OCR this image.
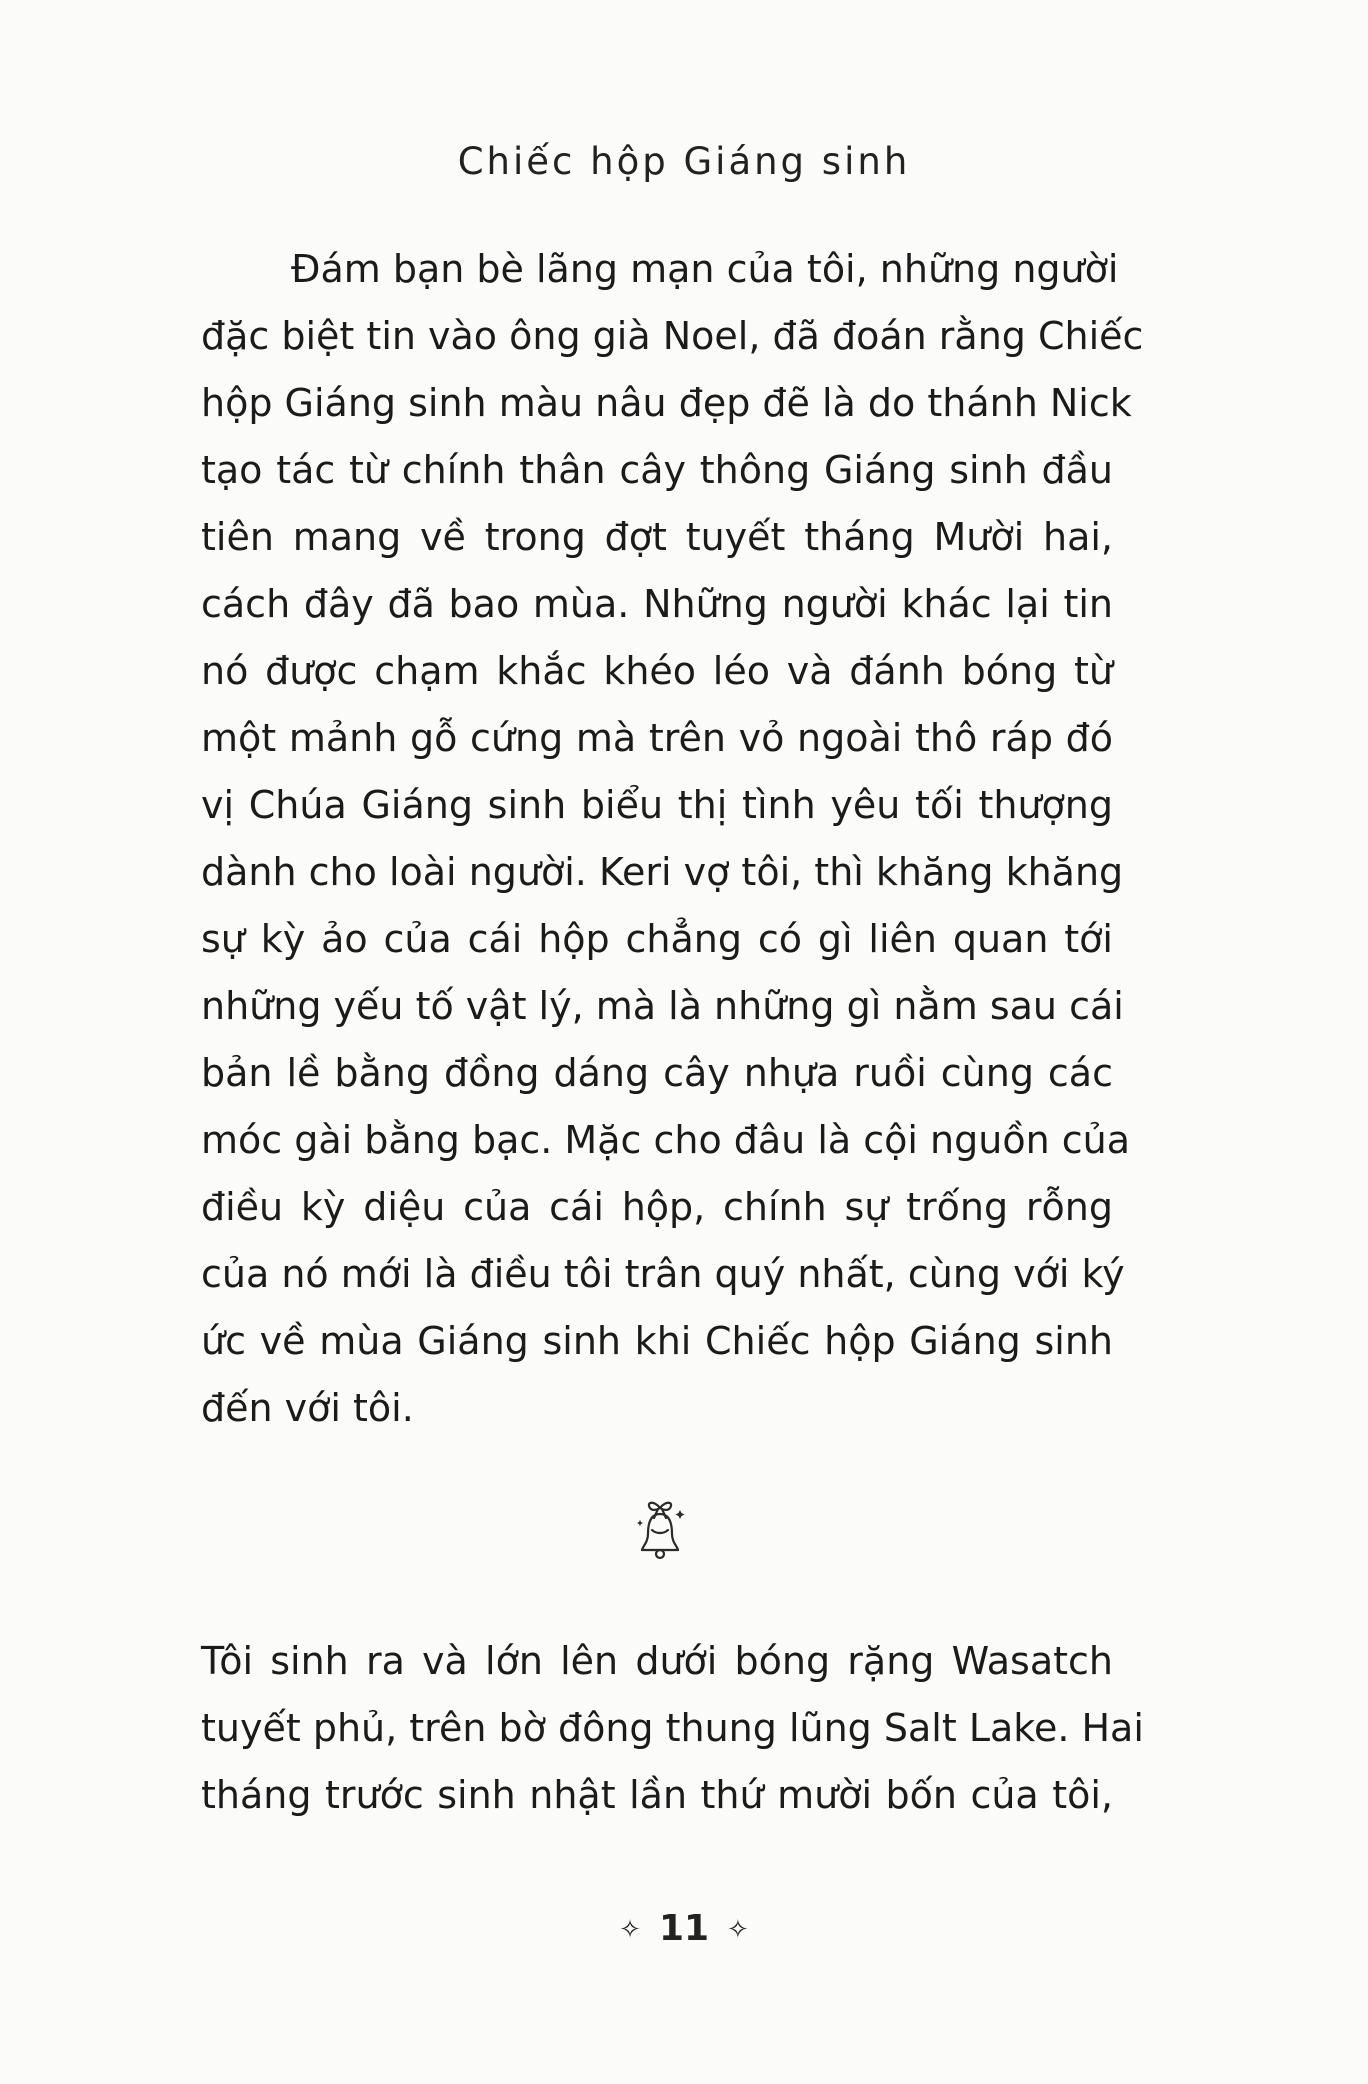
Chiếc hộp Giáng sinh
Đám bạn bè lãng mạn của tôi, những người
đặc biệt tin vào ông già Noel, đã đoán rằng Chiếc
hộp Giáng sinh màu nâu đẹp đẽ là do thánh Nick
tạo tác từ chính thân cây thông Giáng sinh đầu
tiên mang về trong đợt tuyết tháng Mười hai,
cách đây đã bao mùa. Những người khác lại tin
nó được chạm khắc khéo léo và đánh bóng từ
một mảnh gỗ cứng mà trên vỏ ngoài thô ráp đó
vị Chúa Giáng sinh biểu thị tình yêu tối thượng
dành cho loài người. Keri vợ tôi, thì khăng khăng
sự kỳ ảo của cái hộp chẳng có gì liên quan tới
những yếu tố vật lý, mà là những gì nằm sau cái
bản lề bằng đồng dáng cây nhựa ruồi cùng các
móc gài bằng bạc. Mặc cho đâu là cội nguồn của
điều kỳ diệu của cái hộp, chính sự trống rỗng
của nó mới là điều tôi trân quý nhất, cùng với ký
ức về mùa Giáng sinh khi Chiếc hộp Giáng sinh
đến với tôi.
Tôi sinh ra và lớn lên dưới bóng rặng Wasatch
tuyết phủ, trên bờ đông thung lũng Salt Lake. Hai
tháng trước sinh nhật lần thứ mười bốn của tôi,
✧ 11 ✧
